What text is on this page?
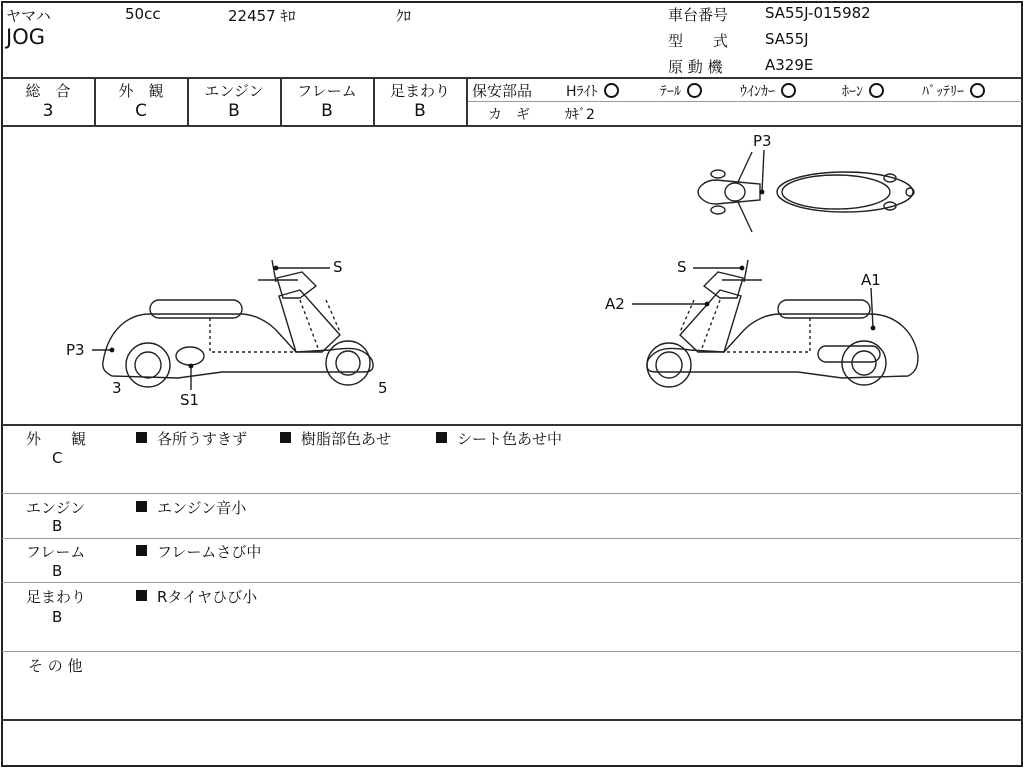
ヤマハ	50cc	22457 ｷﾛ	ｸﾛ
JOG
車台番号 SA55J-015982
型　　式 SA55J
原 動 機	A329E
総　合
3
外　観
C
エンジン
B
フレーム
B
足まわり
B
保安部品 Hﾗｲﾄ	ﾃｰﾙ	ｳｲﾝｶｰ	ﾎｰﾝ	ﾊﾞｯﾃﾘｰ
カ　ギ	ｶｷﾞ2
S
P3
S1
3	5
P3
S
A1
A2
外　　観
C
各所うすきず	樹脂部色あせ	シート色あせ中
エンジン
B
エンジン音小
フレーム
B
フレームさび中
足まわり
B
Rタイヤひび小
そ の 他
